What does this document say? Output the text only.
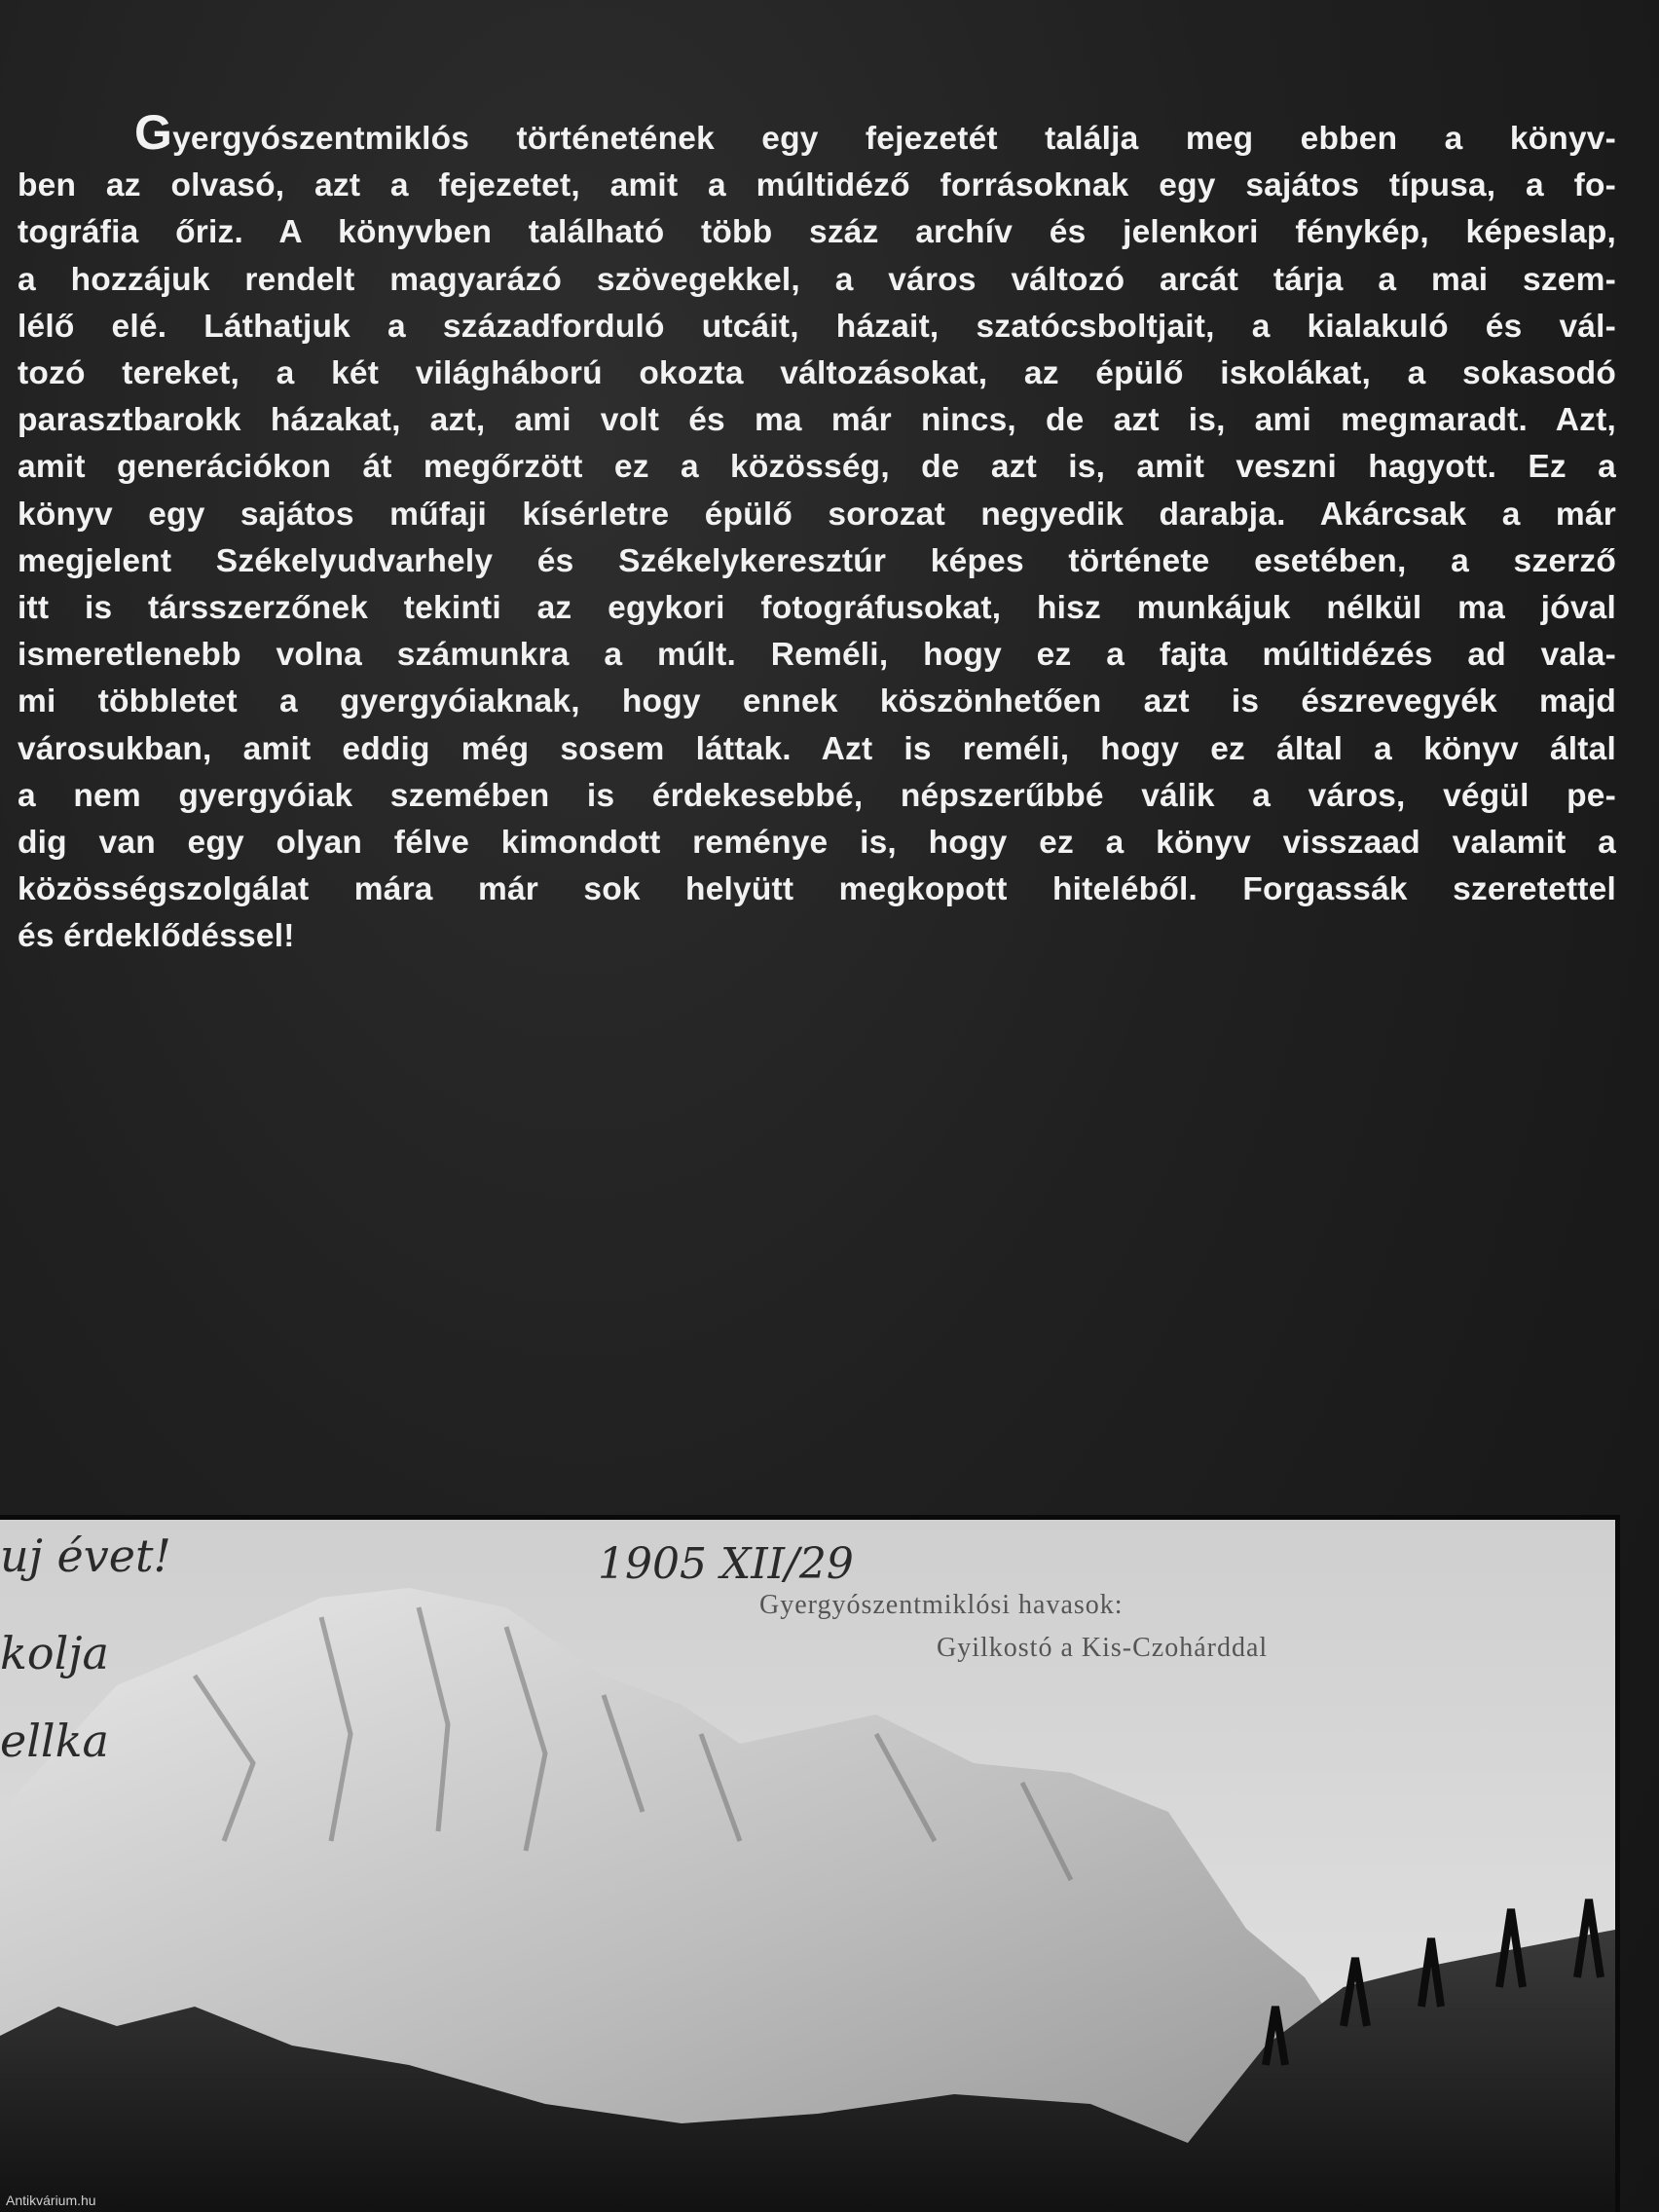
Gyergyószentmiklós történetének egy fejezetét találja meg ebben a könyv-
ben az olvasó, azt a fejezetet, amit a múltidéző forrásoknak egy sajátos típusa, a fo-
tográfia őriz. A könyvben található több száz archív és jelenkori fénykép, képeslap,
a hozzájuk rendelt magyarázó szövegekkel, a város változó arcát tárja a mai szem-
lélő elé. Láthatjuk a századforduló utcáit, házait, szatócsboltjait, a kialakuló és vál-
tozó tereket, a két világháború okozta változásokat, az épülő iskolákat, a sokasodó
parasztbarokk házakat, azt, ami volt és ma már nincs, de azt is, ami megmaradt. Azt,
amit generációkon át megőrzött ez a közösség, de azt is, amit veszni hagyott. Ez a
könyv egy sajátos műfaji kísérletre épülő sorozat negyedik darabja. Akárcsak a már
megjelent Székelyudvarhely és Székelykeresztúr képes története esetében, a szerző
itt is társszerzőnek tekinti az egykori fotográfusokat, hisz munkájuk nélkül ma jóval
ismeretlenebb volna számunkra a múlt. Reméli, hogy ez a fajta múltidézés ad vala-
mi többletet a gyergyóiaknak, hogy ennek köszönhetően azt is észrevegyék majd
városukban, amit eddig még sosem láttak. Azt is reméli, hogy ez által a könyv által
a nem gyergyóiak szemében is érdekesebbé, népszerűbbé válik a város, végül pe-
dig van egy olyan félve kimondott reménye is, hogy ez a könyv visszaad valamit a
közösségszolgálat mára már sok helyütt megkopott hiteléből. Forgassák szeretettel
és érdeklődéssel!
uj évet!
kolja
ellka
1905 XII/29
Gyergyószentmiklósi havasok:
Gyilkostó a Kis-Czohárddal
Antikvárium.hu
